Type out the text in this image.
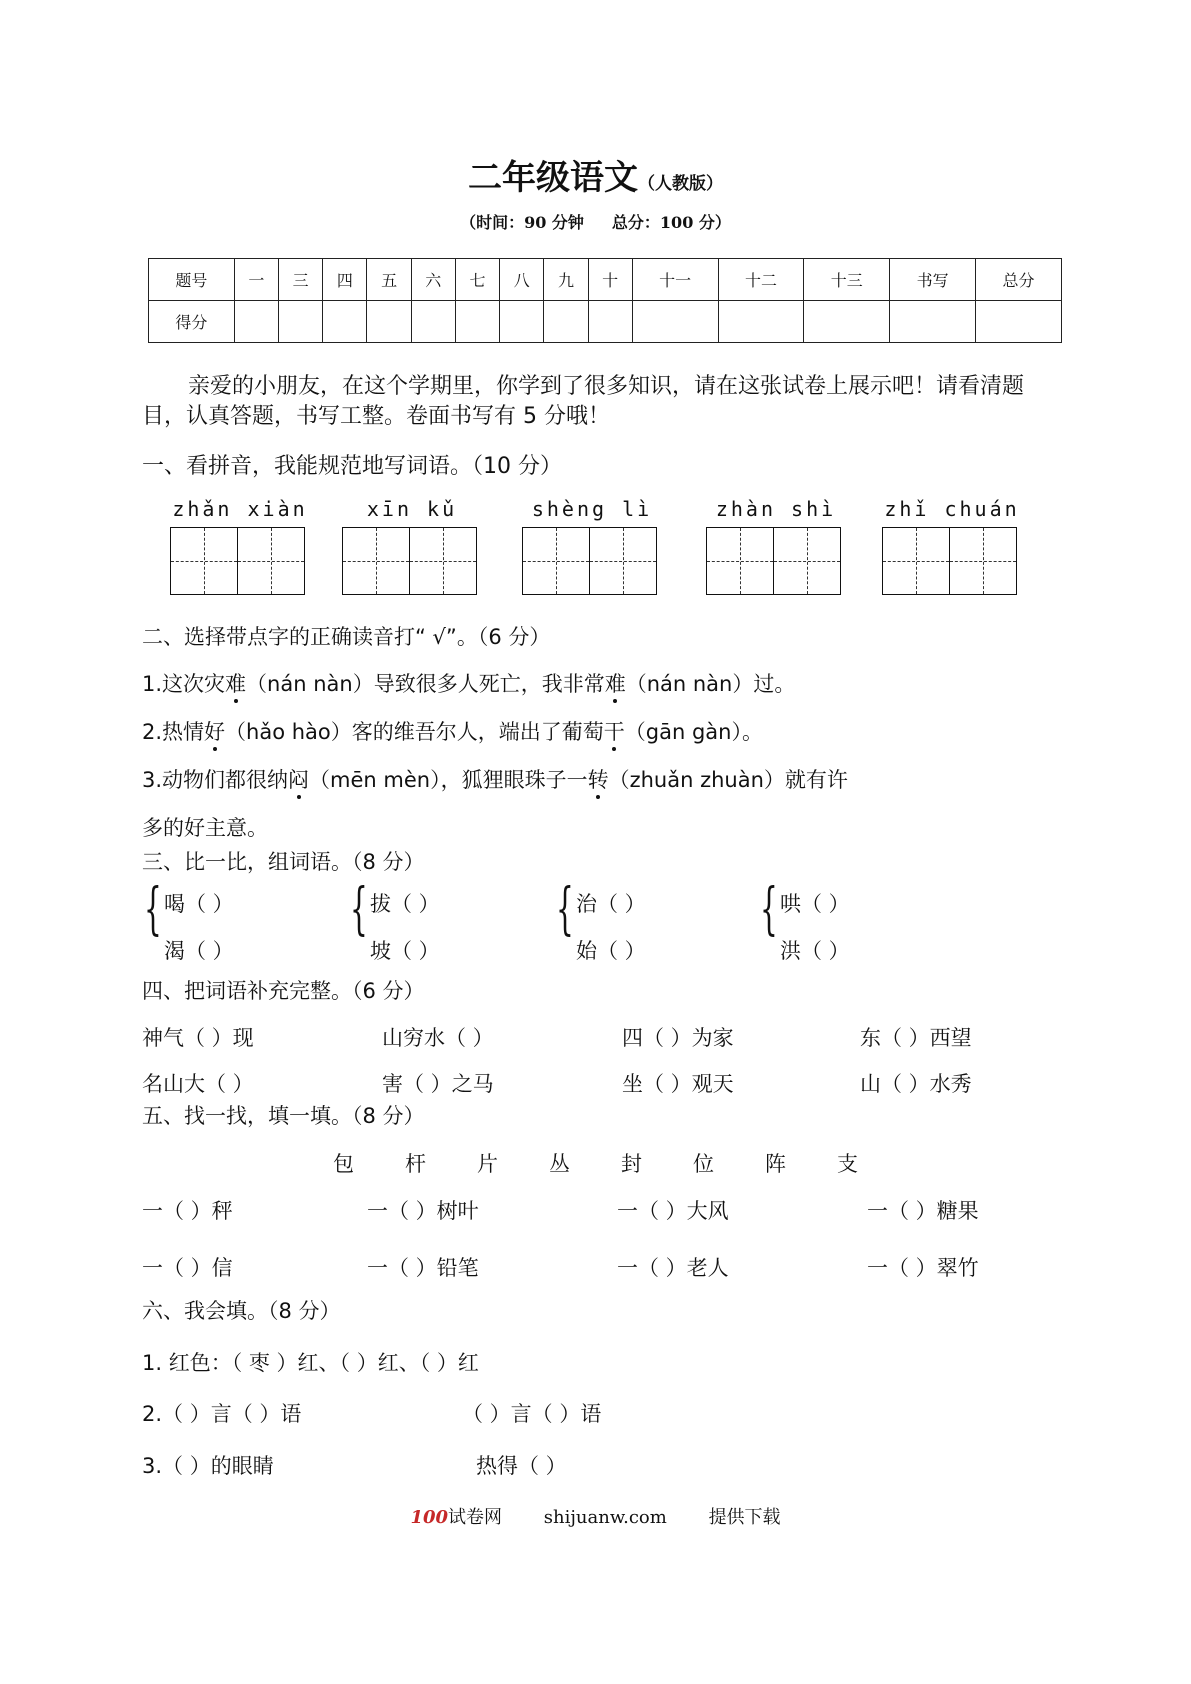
二年级语文（人教版）
（时间：90 分钟 总分：100 分）
题号	一	三	四	五	六	七	八	九	十	十一	十二	十三	书写	总分
得分														
亲爱的小朋友，在这个学期里，你学到了很多知识，请在这张试卷上展示吧！请看清题目，认真答题，书写工整。卷面书写有 5 分哦！
一、看拼音，我能规范地写词语。（10 分）
zhǎn xiàn	xīn kǔ	shèng lì	zhàn shì	zhǐ chuán
二、选择带点字的正确读音打“ √”。（6 分）
1.这次灾难（nán nàn）导致很多人死亡，我非常难（nán nàn）过。
2.热情好（hǎo hào）客的维吾尔人，端出了葡萄干（gān gàn）。
3.动物们都很纳闷（mēn mèn），狐狸眼珠子一转（zhuǎn zhuàn）就有许
多的好主意。
三、比一比，组词语。（8 分）
{ 喝（ ）
渴（ ）
{ 拔（ ）
坡（ ）
{ 治（ ）
始（ ）
{ 哄（ ）
洪（ ）
四、把词语补充完整。（6 分）
神气（ ）现	山穷水（ ）	四（ ）为家	东（ ）西望
名山大（ ）	害（ ）之马	坐（ ）观天	山（ ）水秀
五、找一找，填一填。（8 分）
包 杆 片 丛 封 位 阵 支
一（ ）秤	一（ ）树叶	一（ ）大风	一（ ）糖果
一（ ）信	一（ ）铅笔	一（ ）老人	一（ ）翠竹
六、我会填。（8 分）
1. 红色：（ 枣 ）红、（ ）红、（ ）红
2.（ ）言（ ）语	（ ）言（ ）语
3.（ ）的眼睛	热得（ ）
100试卷网 shijuanw.com 提供下载
